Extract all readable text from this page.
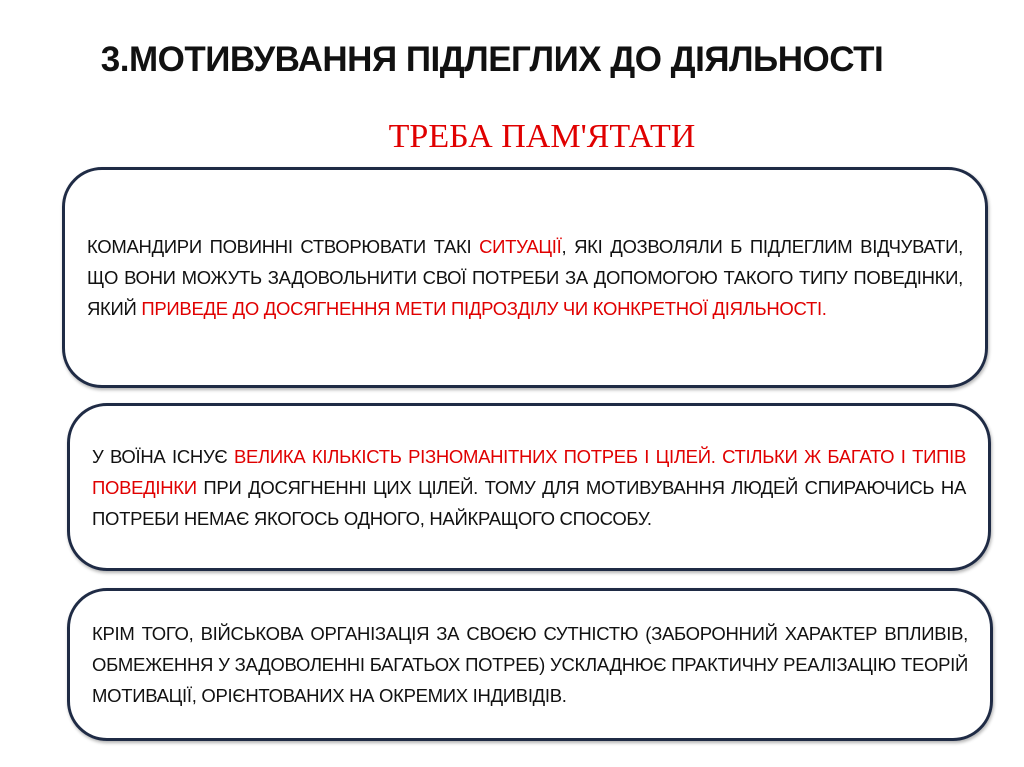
3.МОТИВУВАННЯ ПІДЛЕГЛИХ ДО ДІЯЛЬНОСТІ
ТРЕБА ПАМ'ЯТАТИ

КОМАНДИРИ ПОВИННІ СТВОРЮВАТИ ТАКІ СИТУАЦІЇ, ЯКІ ДОЗВОЛЯЛИ Б ПІДЛЕГЛИМ ВІДЧУВАТИ, ЩО ВОНИ МОЖУТЬ ЗАДОВОЛЬНИТИ СВОЇ ПОТРЕБИ ЗА ДОПОМОГОЮ ТАКОГО ТИПУ ПОВЕДІНКИ, ЯКИЙ ПРИВЕДЕ ДО ДОСЯГНЕННЯ МЕТИ ПІДРОЗДІЛУ ЧИ КОНКРЕТНОЇ ДІЯЛЬНОСТІ.

У ВОЇНА ІСНУЄ ВЕЛИКА КІЛЬКІСТЬ РІЗНОМАНІТНИХ ПОТРЕБ І ЦІЛЕЙ. СТІЛЬКИ Ж БАГАТО І ТИПІВ ПОВЕДІНКИ ПРИ ДОСЯГНЕННІ ЦИХ ЦІЛЕЙ. ТОМУ ДЛЯ МОТИВУВАННЯ ЛЮДЕЙ СПИРАЮЧИСЬ НА ПОТРЕБИ НЕМАЄ ЯКОГОСЬ ОДНОГО, НАЙКРАЩОГО СПОСОБУ.

КРІМ ТОГО, ВІЙСЬКОВА ОРГАНІЗАЦІЯ ЗА СВОЄЮ СУТНІСТЮ (ЗАБОРОННИЙ ХАРАКТЕР ВПЛИВІВ, ОБМЕЖЕННЯ У ЗАДОВОЛЕННІ БАГАТЬОХ ПОТРЕБ) УСКЛАДНЮЄ ПРАКТИЧНУ РЕАЛІЗАЦІЮ ТЕОРІЙ МОТИВАЦІЇ, ОРІЄНТОВАНИХ НА ОКРЕМИХ ІНДИВІДІВ.
